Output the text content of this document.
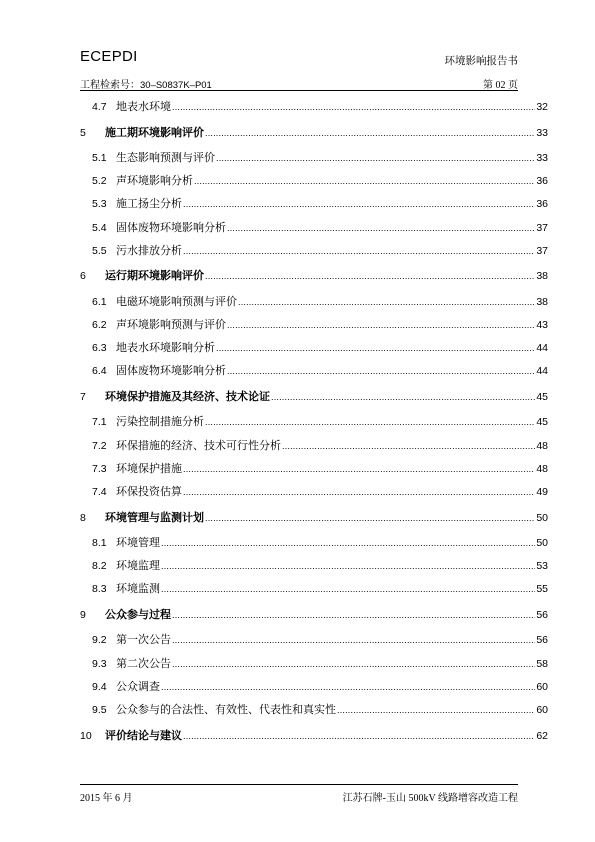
ECEPDI	环境影响报告书
工程检索号：30–S0837K–P01	第 02 页
4.7 地表水环境 .....	32
5	施工期环境影响评价 .....	33
5.1 生态影响预测与评价 .....	33
5.2 声环境影响分析 .....	36
5.3 施工扬尘分析 .....	36
5.4 固体废物环境影响分析 .....	37
5.5 污水排放分析 .....	37
6	运行期环境影响评价 .....	38
6.1 电磁环境影响预测与评价 .....	38
6.2 声环境影响预测与评价 .....	43
6.3 地表水环境影响分析 .....	44
6.4 固体废物环境影响分析 .....	44
7	环境保护措施及其经济、技术论证 .....	45
7.1 污染控制措施分析 .....	45
7.2 环保措施的经济、技术可行性分析 .....	48
7.3 环境保护措施 .....	48
7.4 环保投资估算 .....	49
8	环境管理与监测计划 .....	50
8.1 环境管理 .....	50
8.2 环境监理 .....	53
8.3 环境监测 .....	55
9	公众参与过程 .....	56
9.2 第一次公告 .....	56
9.3 第二次公告 .....	58
9.4 公众调查 .....	60
9.5 公众参与的合法性、有效性、代表性和真实性 .....	60
10	评价结论与建议 .....	62
2015 年 6 月	江苏石牌-玉山 500kV 线路增容改造工程
